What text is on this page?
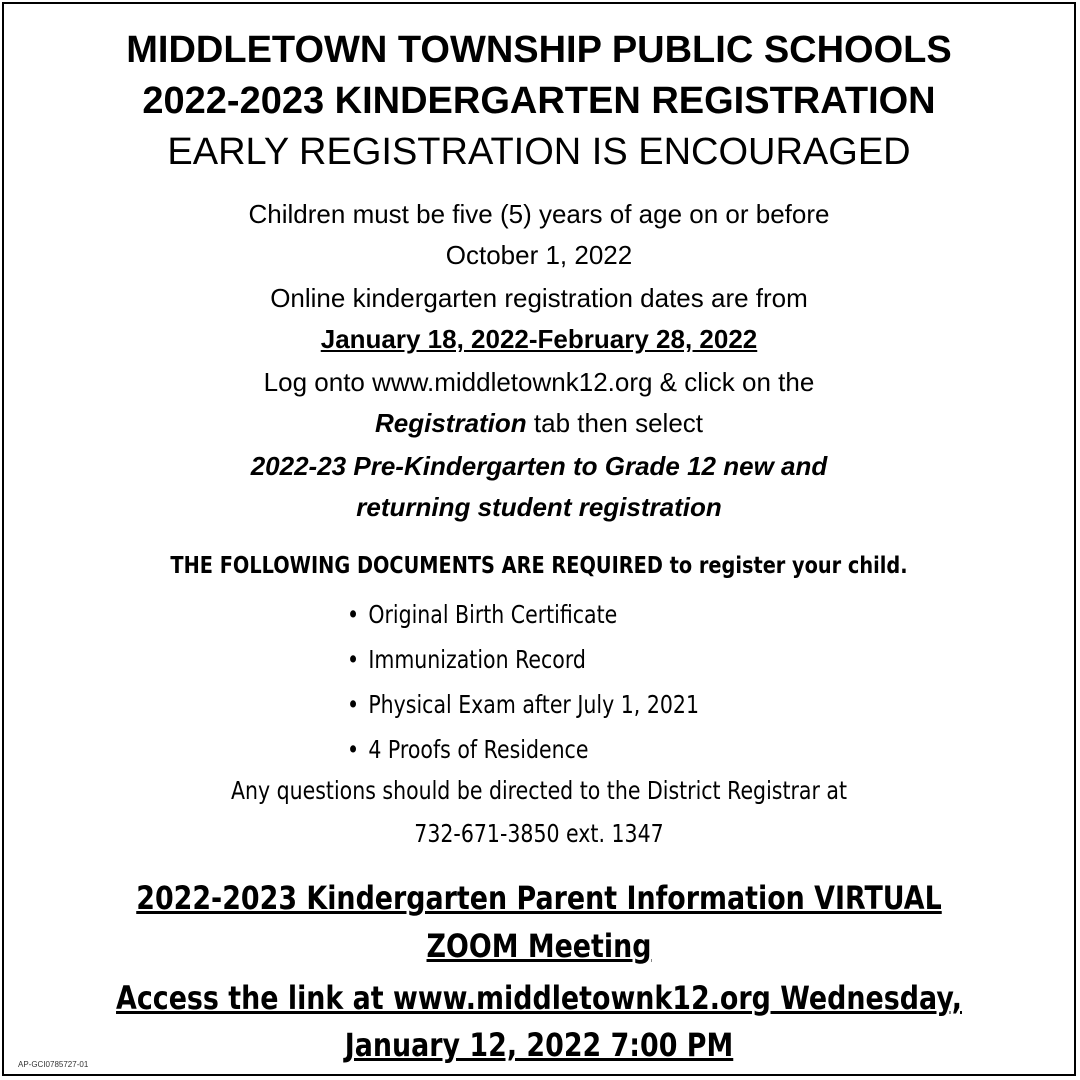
MIDDLETOWN TOWNSHIP PUBLIC SCHOOLS
2022-2023 KINDERGARTEN REGISTRATION
EARLY REGISTRATION IS ENCOURAGED
Children must be five (5) years of age on or before
October 1, 2022
Online kindergarten registration dates are from
January 18, 2022-February 28, 2022
Log onto www.middletownk12.org & click on the
Registration tab then select
2022-23 Pre-Kindergarten to Grade 12 new and
returning student registration
THE FOLLOWING DOCUMENTS ARE REQUIRED to register your child.
• Original Birth Certificate
• Immunization Record
• Physical Exam after July 1, 2021
• 4 Proofs of Residence
Any questions should be directed to the District Registrar at
732-671-3850 ext. 1347
2022-2023 Kindergarten Parent Information VIRTUAL
ZOOM Meeting
Access the link at www.middletownk12.org Wednesday,
January 12, 2022 7:00 PM
AP-GCI0785727-01
